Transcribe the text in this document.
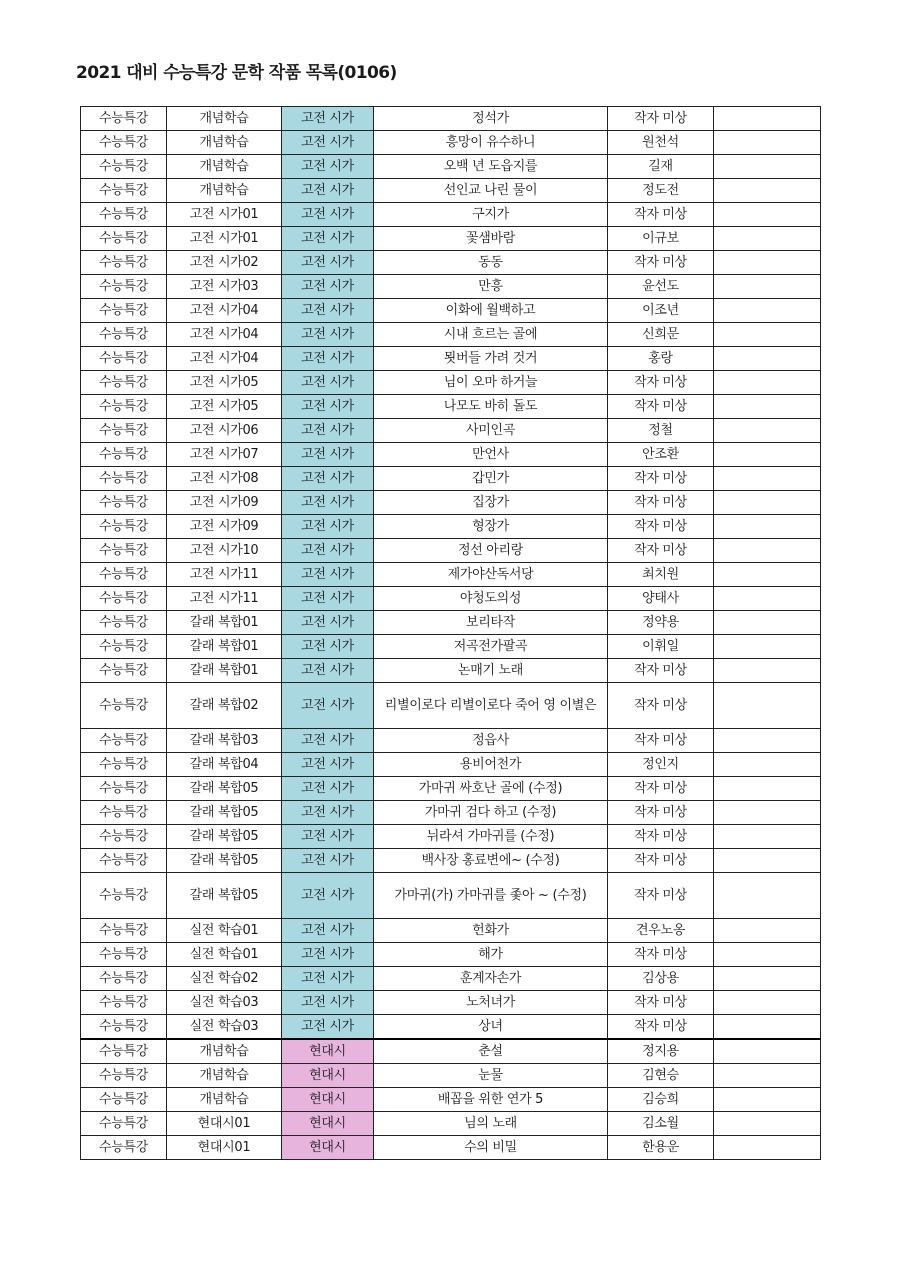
2021 대비 수능특강 문학 작품 목록(0106)
수능특강	개념학습	고전 시가	정석가	작자 미상	
수능특강	개념학습	고전 시가	흥망이 유수하니	원천석	
수능특강	개념학습	고전 시가	오백 년 도읍지를	길재	
수능특강	개념학습	고전 시가	선인교 나린 물이	정도전	
수능특강	고전 시가01	고전 시가	구지가	작자 미상	
수능특강	고전 시가01	고전 시가	꽃샘바람	이규보	
수능특강	고전 시가02	고전 시가	동동	작자 미상	
수능특강	고전 시가03	고전 시가	만흥	윤선도	
수능특강	고전 시가04	고전 시가	이화에 월백하고	이조년	
수능특강	고전 시가04	고전 시가	시내 흐르는 골에	신희문	
수능특강	고전 시가04	고전 시가	묏버들 가려 것거	홍랑	
수능특강	고전 시가05	고전 시가	님이 오마 하거늘	작자 미상	
수능특강	고전 시가05	고전 시가	나모도 바히 돌도	작자 미상	
수능특강	고전 시가06	고전 시가	사미인곡	정철	
수능특강	고전 시가07	고전 시가	만언사	안조환	
수능특강	고전 시가08	고전 시가	갑민가	작자 미상	
수능특강	고전 시가09	고전 시가	집장가	작자 미상	
수능특강	고전 시가09	고전 시가	형장가	작자 미상	
수능특강	고전 시가10	고전 시가	정선 아리랑	작자 미상	
수능특강	고전 시가11	고전 시가	제가야산독서당	최치원	
수능특강	고전 시가11	고전 시가	야청도의성	양태사	
수능특강	갈래 복합01	고전 시가	보리타작	정약용	
수능특강	갈래 복합01	고전 시가	저곡전가팔곡	이휘일	
수능특강	갈래 복합01	고전 시가	논매기 노래	작자 미상	
수능특강	갈래 복합02	고전 시가	리별이로다 리별이로다 죽어 영 이별은	작자 미상	
수능특강	갈래 복합03	고전 시가	정읍사	작자 미상	
수능특강	갈래 복합04	고전 시가	용비어천가	정인지	
수능특강	갈래 복합05	고전 시가	가마귀 싸호난 골에 (수정)	작자 미상	
수능특강	갈래 복합05	고전 시가	가마귀 검다 하고 (수정)	작자 미상	
수능특강	갈래 복합05	고전 시가	뉘라셔 가마귀를 (수정)	작자 미상	
수능특강	갈래 복합05	고전 시가	백사장 홍료변에~ (수정)	작자 미상	
수능특강	갈래 복합05	고전 시가	가마귀(가) 가마귀를 좇아 ~ (수정)	작자 미상	
수능특강	실전 학습01	고전 시가	헌화가	견우노옹	
수능특강	실전 학습01	고전 시가	해가	작자 미상	
수능특강	실전 학습02	고전 시가	훈계자손가	김상용	
수능특강	실전 학습03	고전 시가	노처녀가	작자 미상	
수능특강	실전 학습03	고전 시가	상녀	작자 미상	
수능특강	개념학습	현대시	춘설	정지용	
수능특강	개념학습	현대시	눈물	김현승	
수능특강	개념학습	현대시	배꼽을 위한 연가 5	김승희	
수능특강	현대시01	현대시	님의 노래	김소월	
수능특강	현대시01	현대시	수의 비밀	한용운	
